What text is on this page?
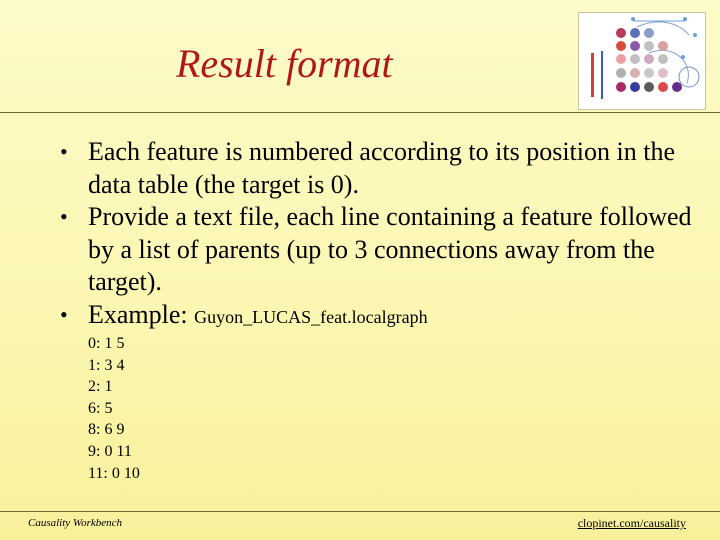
Result format
• Each feature is numbered according to its position in the data table (the target is 0).
• Provide a text file, each line containing a feature followed by a list of parents (up to 3 connections away from the target).
• Example: Guyon_LUCAS_feat.localgraph
0: 1 5
1: 3 4
2: 1
6: 5
8: 6 9
9: 0 11
11: 0 10
Causality Workbench	clopinet.com/causality
